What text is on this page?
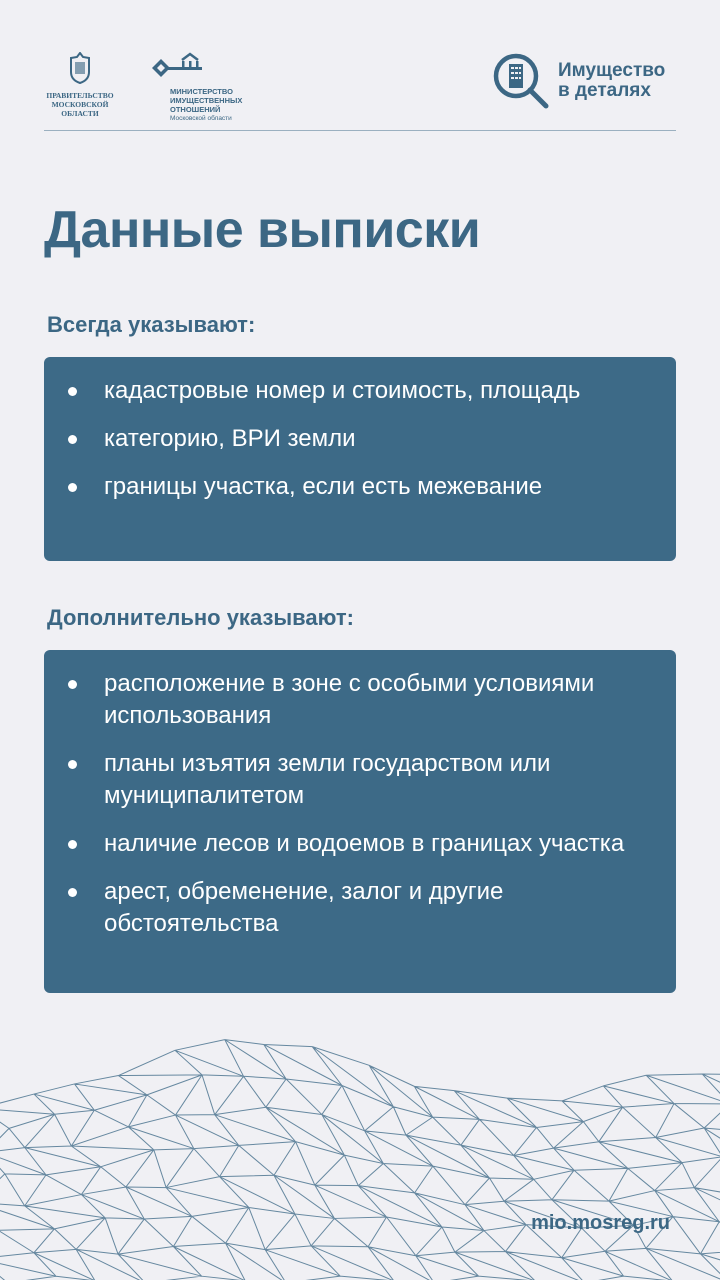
ПРАВИТЕЛЬСТВО
МОСКОВСКОЙ
ОБЛАСТИ
МИНИСТЕРСТВО
ИМУЩЕСТВЕННЫХ
ОТНОШЕНИЙ
Московской области
Имущество
в деталях
Данные выписки
Всегда указывают:
кадастровые номер и стоимость, площадь
категорию, ВРИ земли
границы участка, если есть межевание
Дополнительно указывают:
расположение в зоне с особыми условиями использования
планы изъятия земли государством или муниципалитетом
наличие лесов и водоемов в границах участка
арест, обременение, залог и другие обстоятельства
mio.mosreg.ru
